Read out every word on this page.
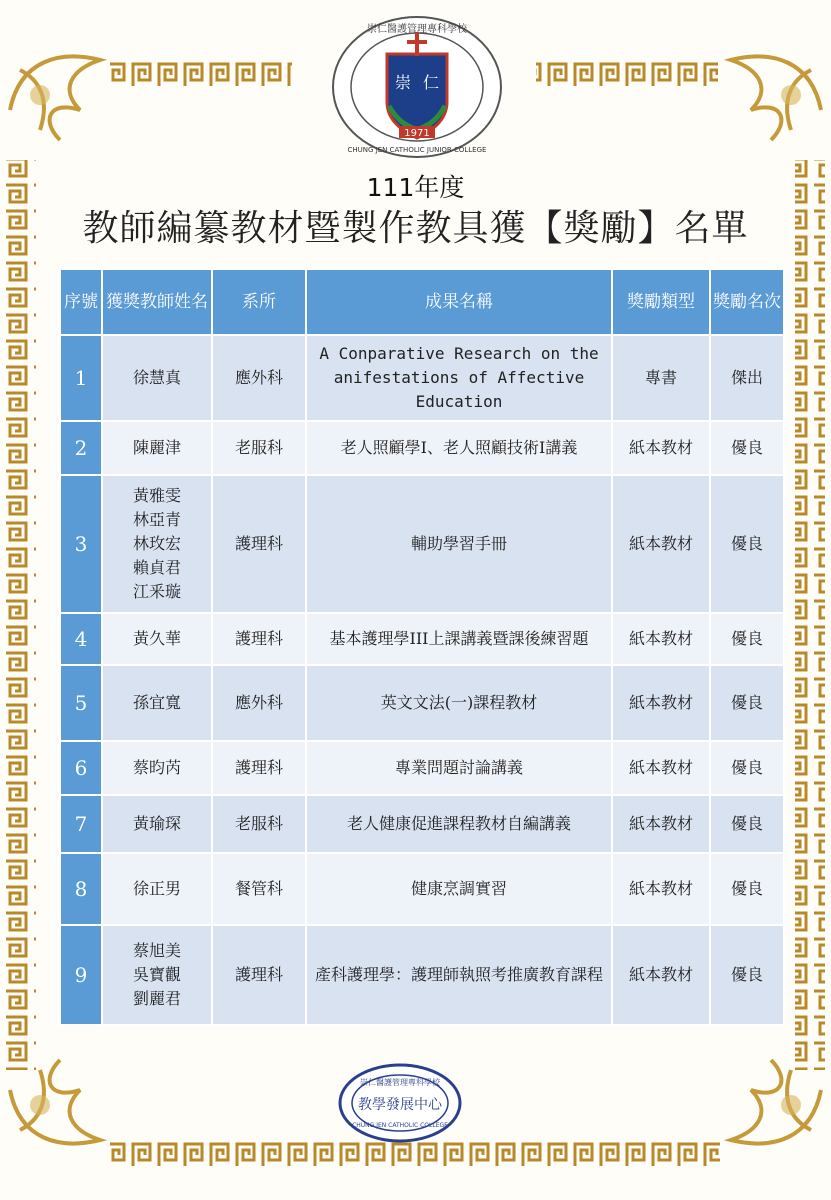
崇 仁
1971
崇仁醫護管理專科學校
CHUNG JEN CATHOLIC JUNIOR COLLEGE
111年度
教師編纂教材暨製作教具獲【獎勵】名單
序號	獲獎教師姓名	系所	成果名稱	獎勵類型	獎勵名次
1	徐慧真	應外科	A Conparative Research on the anifestations of Affective Education	專書	傑出
2	陳麗津	老服科	老人照顧學I、老人照顧技術I講義	紙本教材	優良
3	黃雅雯
林亞青
林玫宏
賴貞君
江釆璇	護理科	輔助學習手冊	紙本教材	優良
4	黃久華	護理科	基本護理學III上課講義暨課後練習題	紙本教材	優良
5	孫宜寬	應外科	英文文法(一)課程教材	紙本教材	優良
6	蔡昀芮	護理科	專業問題討論講義	紙本教材	優良
7	黃瑜琛	老服科	老人健康促進課程教材自編講義	紙本教材	優良
8	徐正男	餐管科	健康烹調實習	紙本教材	優良
9	蔡旭美
吳寶觀
劉麗君	護理科	產科護理學：護理師執照考推廣教育課程	紙本教材	優良
崇仁醫護管理專科學校
教學發展中心
CHUNG JEN CATHOLIC COLLEGE
